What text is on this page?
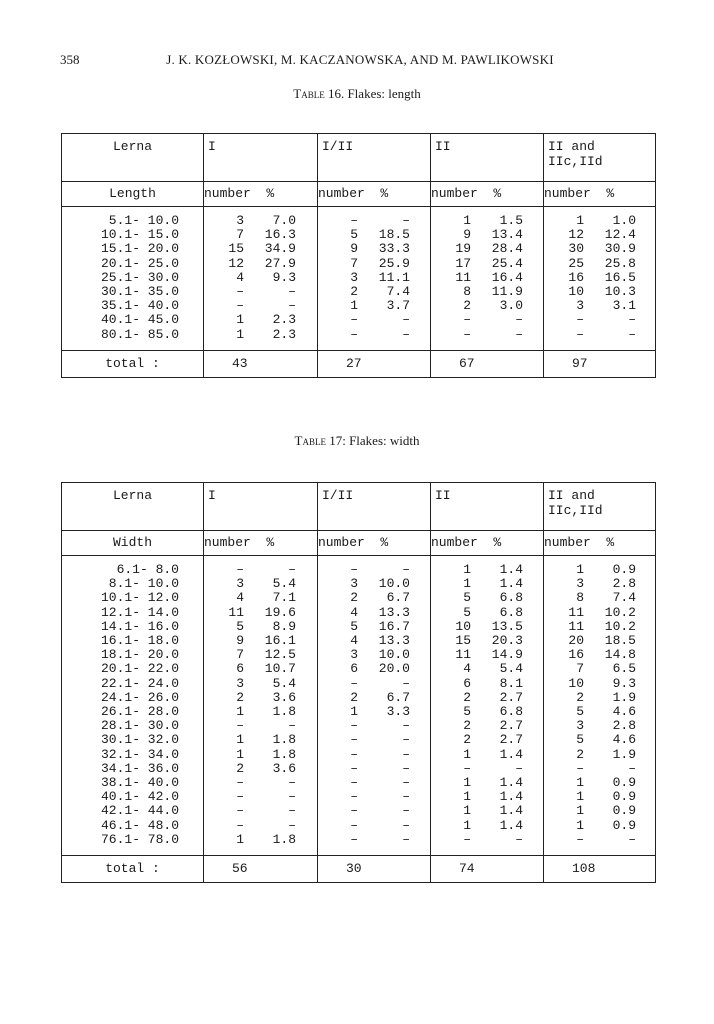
358	J. K. KOZŁOWSKI, M. KACZANOWSKA, AND M. PAWLIKOWSKI
Table 16. Flakes: length
Lerna	I	I/II	II	II and
IIc,IId
Length	number  %	number  %	number  %	number  %
5.1- 10.0	3 7.0	– –	1 1.5	1 1.0

10.1- 15.0	7 16.3	5 18.5	9 13.4	12 12.4

15.1- 20.0	15 34.9	9 33.3	19 28.4	30 30.9

20.1- 25.0	12 27.9	7 25.9	17 25.4	25 25.8

25.1- 30.0	4 9.3	3 11.1	11 16.4	16 16.5

30.1- 35.0	– –	2 7.4	8 11.9	10 10.3

35.1- 40.0	– –	1 3.7	2 3.0	3 3.1

40.1- 45.0	1 2.3	– –	– –	– –

80.1- 85.0	1 2.3	– –	– –	– –

total :	43	27	67	97
Table 17: Flakes: width
Lerna	I	I/II	II	II and
IIc,IId
Width	number  %	number  %	number  %	number  %
6.1- 8.0	– –	– –	1 1.4	1 0.9

8.1- 10.0	3 5.4	3 10.0	1 1.4	3 2.8

10.1- 12.0	4 7.1	2 6.7	5 6.8	8 7.4

12.1- 14.0	11 19.6	4 13.3	5 6.8	11 10.2

14.1- 16.0	5 8.9	5 16.7	10 13.5	11 10.2

16.1- 18.0	9 16.1	4 13.3	15 20.3	20 18.5

18.1- 20.0	7 12.5	3 10.0	11 14.9	16 14.8

20.1- 22.0	6 10.7	6 20.0	4 5.4	7 6.5

22.1- 24.0	3 5.4	– –	6 8.1	10 9.3

24.1- 26.0	2 3.6	2 6.7	2 2.7	2 1.9

26.1- 28.0	1 1.8	1 3.3	5 6.8	5 4.6

28.1- 30.0	– –	– –	2 2.7	3 2.8

30.1- 32.0	1 1.8	– –	2 2.7	5 4.6

32.1- 34.0	1 1.8	– –	1 1.4	2 1.9

34.1- 36.0	2 3.6	– –	– –	– –

38.1- 40.0	– –	– –	1 1.4	1 0.9

40.1- 42.0	– –	– –	1 1.4	1 0.9

42.1- 44.0	– –	– –	1 1.4	1 0.9

46.1- 48.0	– –	– –	1 1.4	1 0.9

76.1- 78.0	1 1.8	– –	– –	– –

total :	56	30	74	108
